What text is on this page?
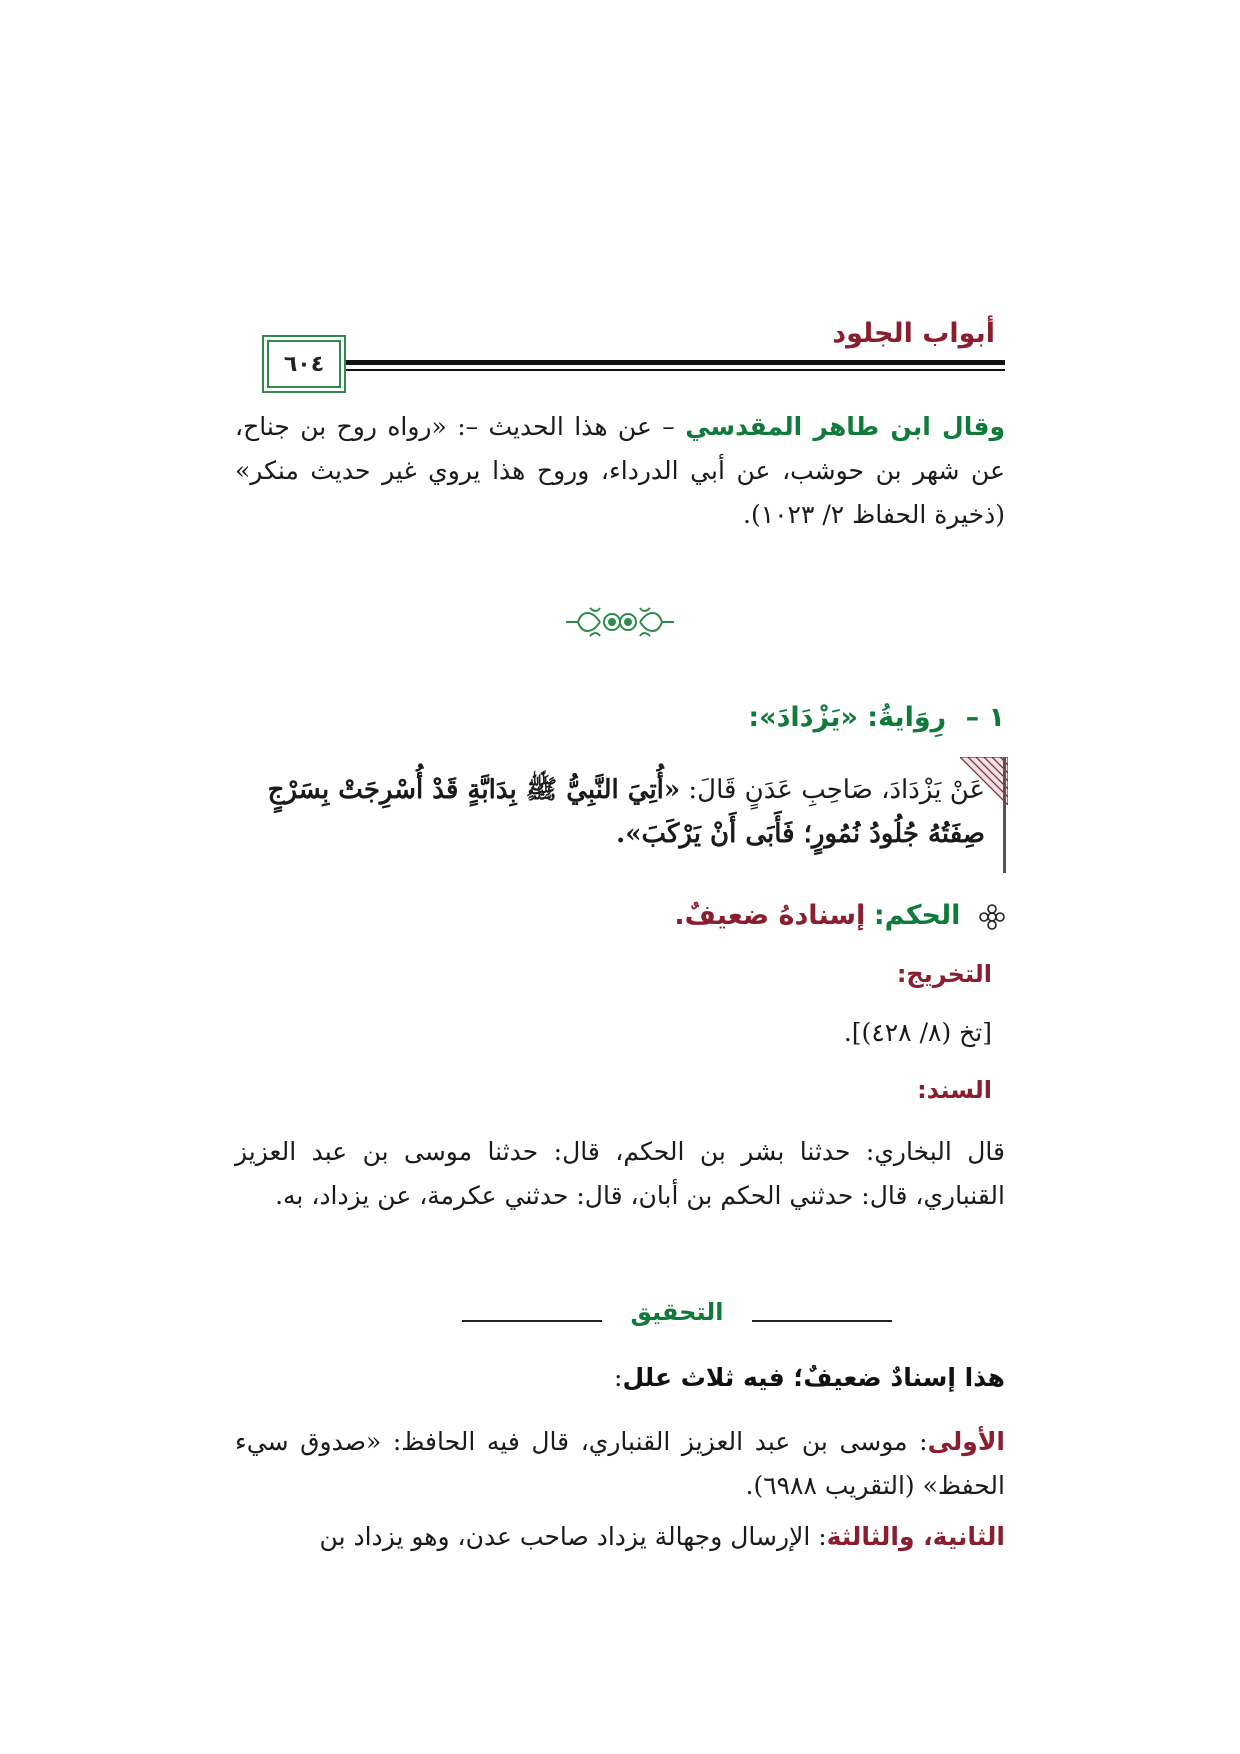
٦٠٤
أبواب الجلود
وقال ابن طاهر المقدسي – عن هذا الحديث –: «رواه روح بن جناح، عن شهر بن حوشب، عن أبي الدرداء، وروح هذا يروي غير حديث منكر» (ذخيرة الحفاظ ٢/ ١٠٢٣).
١ – رِوَايةُ: «يَزْدَادَ»:
عَنْ يَزْدَادَ، صَاحِبِ عَدَنٍ قَالَ: «أُتِيَ النَّبِيُّ ﷺ بِدَابَّةٍ قَدْ أُسْرِجَتْ بِسَرْجٍ صِفَتُهُ جُلُودُ نُمُورٍ؛ فَأَبَى أَنْ يَرْكَبَ».
الحكم: إسنادهُ ضعيفٌ.
التخريج:
[تخ (٨/ ٤٢٨)].
السند:
قال البخاري: حدثنا بشر بن الحكم، قال: حدثنا موسى بن عبد العزيز القنباري، قال: حدثني الحكم بن أبان، قال: حدثني عكرمة، عن يزداد، به.
التحقيق
هذا إسنادٌ ضعيفٌ؛ فيه ثلاث علل:
الأولى: موسى بن عبد العزيز القنباري، قال فيه الحافظ: «صدوق سيء الحفظ» (التقريب ٦٩٨٨).
الثانية، والثالثة: الإرسال وجهالة يزداد صاحب عدن، وهو يزداد بن
